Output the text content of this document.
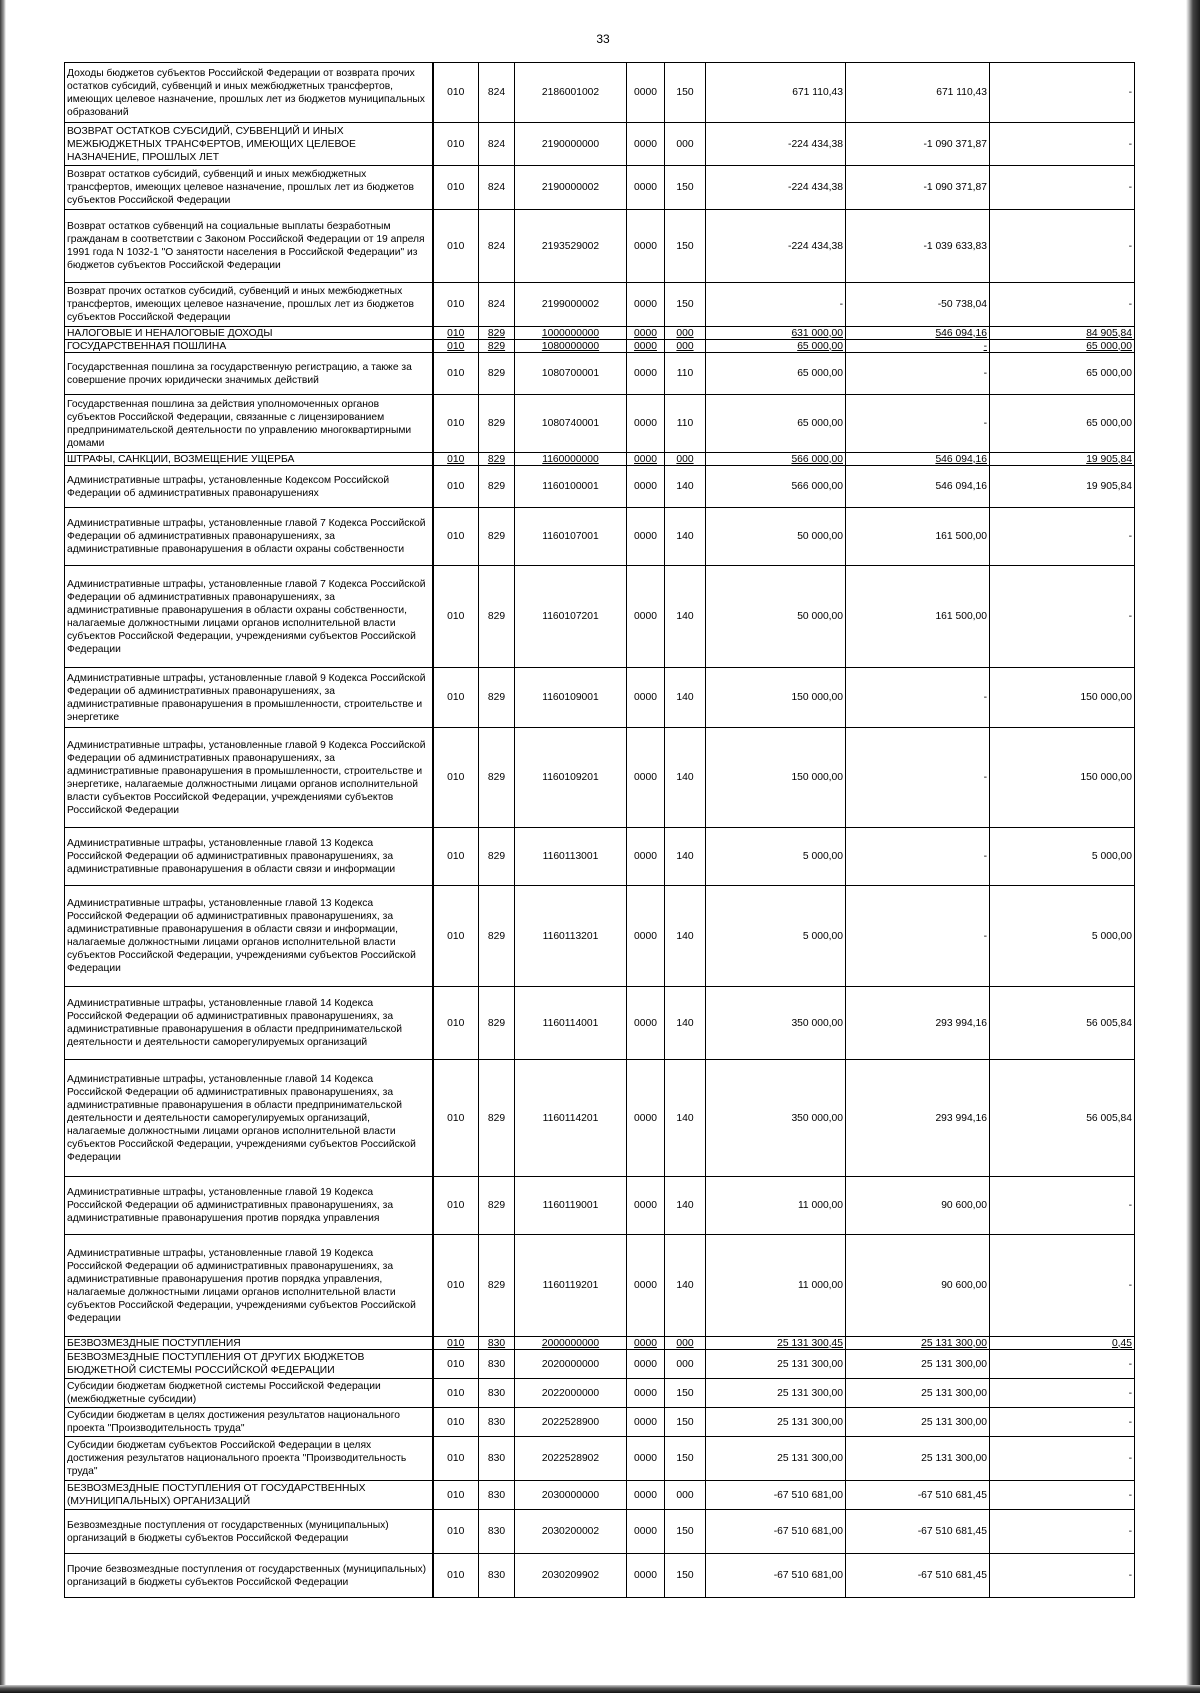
33
Доходы бюджетов субъектов Российской Федерации от возврата прочих остатков субсидий, субвенций и иных межбюджетных трансфертов, имеющих целевое назначение, прошлых лет из бюджетов муниципальных образований	010	824	2186001002	0000	150	671 110,43	671 110,43	-
ВОЗВРАТ ОСТАТКОВ СУБСИДИЙ, СУБВЕНЦИЙ И ИНЫХ МЕЖБЮДЖЕТНЫХ ТРАНСФЕРТОВ, ИМЕЮЩИХ ЦЕЛЕВОЕ НАЗНАЧЕНИЕ, ПРОШЛЫХ ЛЕТ	010	824	2190000000	0000	000	-224 434,38	-1 090 371,87	-
Возврат остатков субсидий, субвенций и иных межбюджетных трансфертов, имеющих целевое назначение, прошлых лет из бюджетов субъектов Российской Федерации	010	824	2190000002	0000	150	-224 434,38	-1 090 371,87	-
Возврат остатков субвенций на социальные выплаты безработным гражданам в соответствии с Законом Российской Федерации от 19 апреля 1991 года N 1032-1 "О занятости населения в Российской Федерации" из бюджетов субъектов Российской Федерации	010	824	2193529002	0000	150	-224 434,38	-1 039 633,83	-
Возврат прочих остатков субсидий, субвенций и иных межбюджетных трансфертов, имеющих целевое назначение, прошлых лет из бюджетов субъектов Российской Федерации	010	824	2199000002	0000	150	-	-50 738,04	-
НАЛОГОВЫЕ И НЕНАЛОГОВЫЕ ДОХОДЫ	010	829	1000000000	0000	000	631 000,00	546 094,16	84 905,84
ГОСУДАРСТВЕННАЯ ПОШЛИНА	010	829	1080000000	0000	000	65 000,00	-	65 000,00
Государственная пошлина за государственную регистрацию, а также за совершение прочих юридически значимых действий	010	829	1080700001	0000	110	65 000,00	-	65 000,00
Государственная пошлина за действия уполномоченных органов субъектов Российской Федерации, связанные с лицензированием предпринимательской деятельности по управлению многоквартирными домами	010	829	1080740001	0000	110	65 000,00	-	65 000,00
ШТРАФЫ, САНКЦИИ, ВОЗМЕЩЕНИЕ УЩЕРБА	010	829	1160000000	0000	000	566 000,00	546 094,16	19 905,84
Административные штрафы, установленные Кодексом Российской Федерации об административных правонарушениях	010	829	1160100001	0000	140	566 000,00	546 094,16	19 905,84
Административные штрафы, установленные главой 7 Кодекса Российской Федерации об административных правонарушениях, за административные правонарушения в области охраны собственности	010	829	1160107001	0000	140	50 000,00	161 500,00	-
Административные штрафы, установленные главой 7 Кодекса Российской Федерации об административных правонарушениях, за административные правонарушения в области охраны собственности, налагаемые должностными лицами органов исполнительной власти субъектов Российской Федерации, учреждениями субъектов Российской Федерации	010	829	1160107201	0000	140	50 000,00	161 500,00	-
Административные штрафы, установленные главой 9 Кодекса Российской Федерации об административных правонарушениях, за административные правонарушения в промышленности, строительстве и энергетике	010	829	1160109001	0000	140	150 000,00	-	150 000,00
Административные штрафы, установленные главой 9 Кодекса Российской Федерации об административных правонарушениях, за административные правонарушения в промышленности, строительстве и энергетике, налагаемые должностными лицами органов исполнительной власти субъектов Российской Федерации, учреждениями субъектов Российской Федерации	010	829	1160109201	0000	140	150 000,00	-	150 000,00
Административные штрафы, установленные главой 13 Кодекса Российской Федерации об административных правонарушениях, за административные правонарушения в области связи и информации	010	829	1160113001	0000	140	5 000,00	-	5 000,00
Административные штрафы, установленные главой 13 Кодекса Российской Федерации об административных правонарушениях, за административные правонарушения в области связи и информации, налагаемые должностными лицами органов исполнительной власти субъектов Российской Федерации, учреждениями субъектов Российской Федерации	010	829	1160113201	0000	140	5 000,00	-	5 000,00
Административные штрафы, установленные главой 14 Кодекса Российской Федерации об административных правонарушениях, за административные правонарушения в области предпринимательской деятельности и деятельности саморегулируемых организаций	010	829	1160114001	0000	140	350 000,00	293 994,16	56 005,84
Административные штрафы, установленные главой 14 Кодекса Российской Федерации об административных правонарушениях, за административные правонарушения в области предпринимательской деятельности и деятельности саморегулируемых организаций, налагаемые должностными лицами органов исполнительной власти субъектов Российской Федерации, учреждениями субъектов Российской Федерации	010	829	1160114201	0000	140	350 000,00	293 994,16	56 005,84
Административные штрафы, установленные главой 19 Кодекса Российской Федерации об административных правонарушениях, за административные правонарушения против порядка управления	010	829	1160119001	0000	140	11 000,00	90 600,00	-
Административные штрафы, установленные главой 19 Кодекса Российской Федерации об административных правонарушениях, за административные правонарушения против порядка управления, налагаемые должностными лицами органов исполнительной власти субъектов Российской Федерации, учреждениями субъектов Российской Федерации	010	829	1160119201	0000	140	11 000,00	90 600,00	-
БЕЗВОЗМЕЗДНЫЕ ПОСТУПЛЕНИЯ	010	830	2000000000	0000	000	25 131 300,45	25 131 300,00	0,45
БЕЗВОЗМЕЗДНЫЕ ПОСТУПЛЕНИЯ ОТ ДРУГИХ БЮДЖЕТОВ БЮДЖЕТНОЙ СИСТЕМЫ РОССИЙСКОЙ ФЕДЕРАЦИИ	010	830	2020000000	0000	000	25 131 300,00	25 131 300,00	-
Субсидии бюджетам бюджетной системы Российской Федерации (межбюджетные субсидии)	010	830	2022000000	0000	150	25 131 300,00	25 131 300,00	-
Субсидии бюджетам в целях достижения результатов национального проекта "Производительность труда"	010	830	2022528900	0000	150	25 131 300,00	25 131 300,00	-
Субсидии бюджетам субъектов Российской Федерации в целях достижения результатов национального проекта "Производительность труда"	010	830	2022528902	0000	150	25 131 300,00	25 131 300,00	-
БЕЗВОЗМЕЗДНЫЕ ПОСТУПЛЕНИЯ ОТ ГОСУДАРСТВЕННЫХ (МУНИЦИПАЛЬНЫХ) ОРГАНИЗАЦИЙ	010	830	2030000000	0000	000	-67 510 681,00	-67 510 681,45	-
Безвозмездные поступления от государственных (муниципальных) организаций в бюджеты субъектов Российской Федерации	010	830	2030200002	0000	150	-67 510 681,00	-67 510 681,45	-
Прочие безвозмездные поступления от государственных (муниципальных) организаций в бюджеты субъектов Российской Федерации	010	830	2030209902	0000	150	-67 510 681,00	-67 510 681,45	-
